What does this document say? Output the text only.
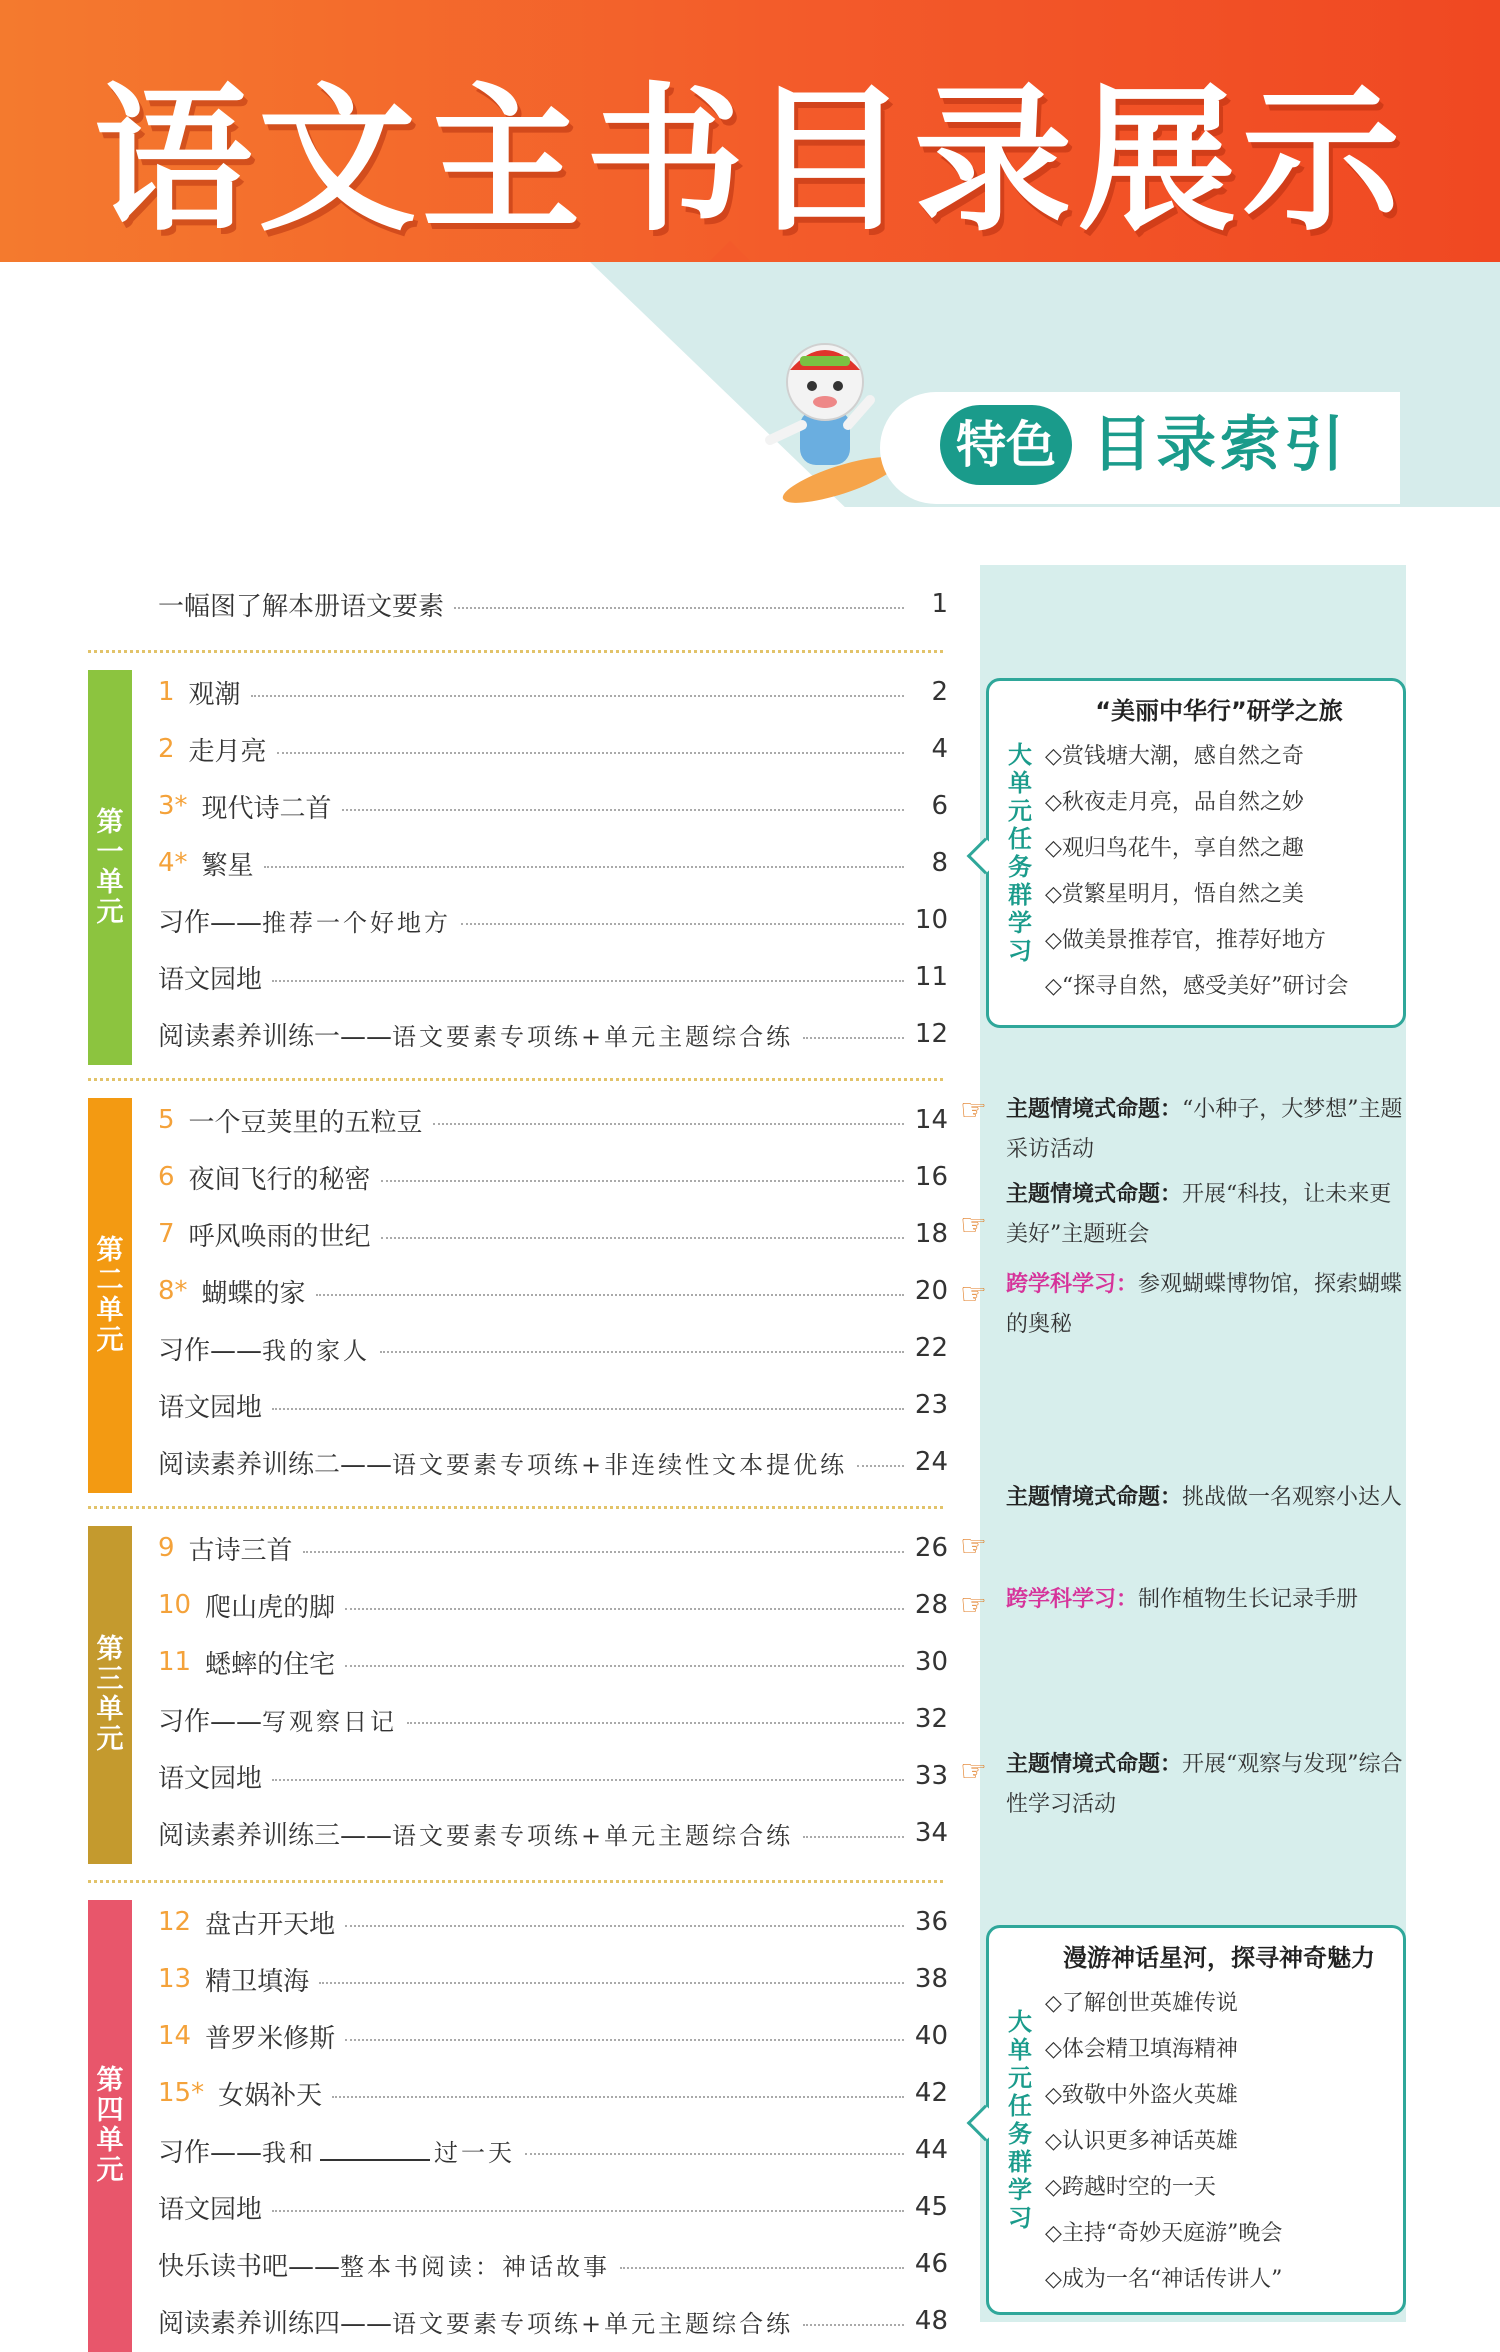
语文主书目录展示
特色 目录索引
一幅图了解本册语文要素	1
大单元任务群学习
“美丽中华行”研学之旅
◇赏钱塘大潮，感自然之奇
◇秋夜走月亮，品自然之妙
◇观归鸟花牛，享自然之趣
◇赏繁星明月，悟自然之美
◇做美景推荐官，推荐好地方
◇“探寻自然，感受美好”研讨会
大单元任务群学习
漫游神话星河，探寻神奇魅力
◇了解创世英雄传说
◇体会精卫填海精神
◇致敬中外盗火英雄
◇认识更多神话英雄
◇跨越时空的一天
◇主持“奇妙天庭游”晚会
◇成为一名“神话传讲人”
第一单元
1 观潮	2
2 走月亮	4
3* 现代诗二首	6
4* 繁星	8
习作—— 推荐一个好地方	10
语文园地	11
阅读素养训练一—— 语文要素专项练+单元主题综合练	12
第二单元
5 一个豆荚里的五粒豆	14
6 夜间飞行的秘密	16
7 呼风唤雨的世纪	18
8* 蝴蝶的家	20
习作—— 我的家人	22
语文园地	23
阅读素养训练二—— 语文要素专项练+非连续性文本提优练	24
第三单元
9 古诗三首	26
10 爬山虎的脚	28
11 蟋蟀的住宅	30
习作—— 写观察日记	32
语文园地	33
阅读素养训练三—— 语文要素专项练+单元主题综合练	34
第四单元
12 盘古开天地	36
13 精卫填海	38
14 普罗米修斯	40
15* 女娲补天	42
习作—— 我和	过一天	44
语文园地	45
快乐读书吧—— 整本书阅读：神话故事	46
阅读素养训练四—— 语文要素专项练+单元主题综合练	48
主题情境式命题：“小种子，大梦想”主题采访活动
主题情境式命题：开展“科技，让未来更美好”主题班会
跨学科学习：参观蝴蝶博物馆，探索蝴蝶的奥秘
主题情境式命题：挑战做一名观察小达人
跨学科学习：制作植物生长记录手册
主题情境式命题：开展“观察与发现”综合性学习活动
☞
☞
☞
☞
☞
☞
